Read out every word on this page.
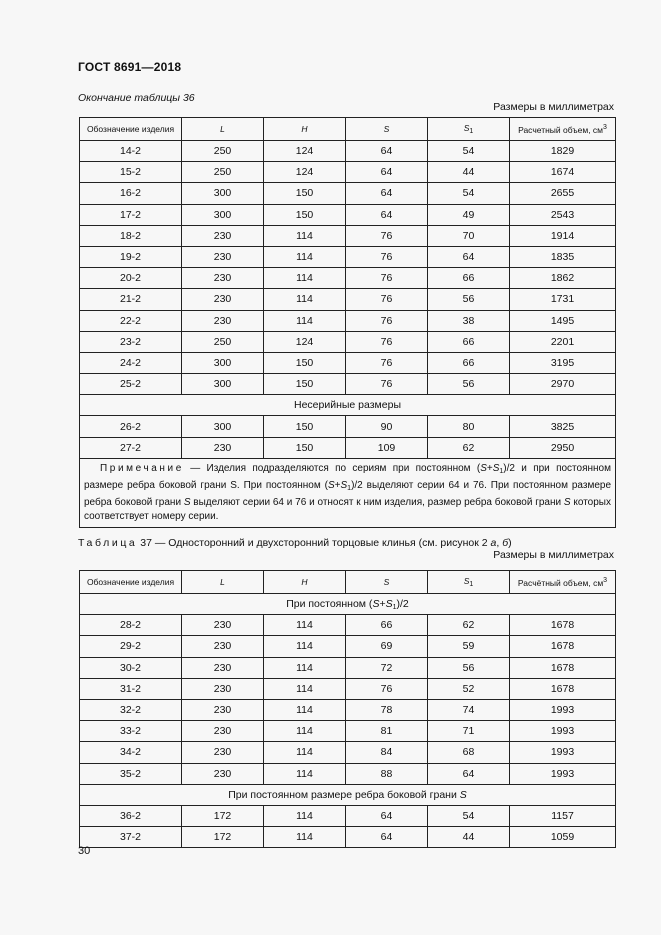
ГОСТ 8691—2018
Окончание таблицы 36
Размеры в миллиметрах
Обозначение изделия	L	H	S	$S_1$	Расчетный объем, $см^3$
14-2	250	124	64	54	1829
15-2	250	124	64	44	1674
16-2	300	150	64	54	2655
17-2	300	150	64	49	2543
18-2	230	114	76	70	1914
19-2	230	114	76	64	1835
20-2	230	114	76	66	1862
21-2	230	114	76	56	1731
22-2	230	114	76	38	1495
23-2	250	124	76	66	2201
24-2	300	150	76	66	3195
25-2	300	150	76	56	2970
Несерийные размеры					
26-2	300	150	90	80	3825
27-2	230	150	109	62	2950
Примечание — Изделия подразделяются по сериям при постоянном $(S+S_1)/2$ и при постоянном размере ребра боковой грани S. При постоянном $(S+S_1)/2$ выделяют серии 64 и 76. При постоянном размере ребра боковой грани S выделяют серии 64 и 76 и относят к ним изделия, размер ребра боковой грани S которых соответствует номеру серии.					
Таблица 37 — Односторонний и двухсторонний торцовые клинья (см. рисунок 2 а, б)
Размеры в миллиметрах
Обозначение изделия	L	H	S	$S_1$	Расчётный объем, $см^3$
При постоянном $(S+S_1)/2$					
28-2	230	114	66	62	1678
29-2	230	114	69	59	1678
30-2	230	114	72	56	1678
31-2	230	114	76	52	1678
32-2	230	114	78	74	1993
33-2	230	114	81	71	1993
34-2	230	114	84	68	1993
35-2	230	114	88	64	1993
При постоянном размере ребра боковой грани S					
36-2	172	114	64	54	1157
37-2	172	114	64	44	1059
30
